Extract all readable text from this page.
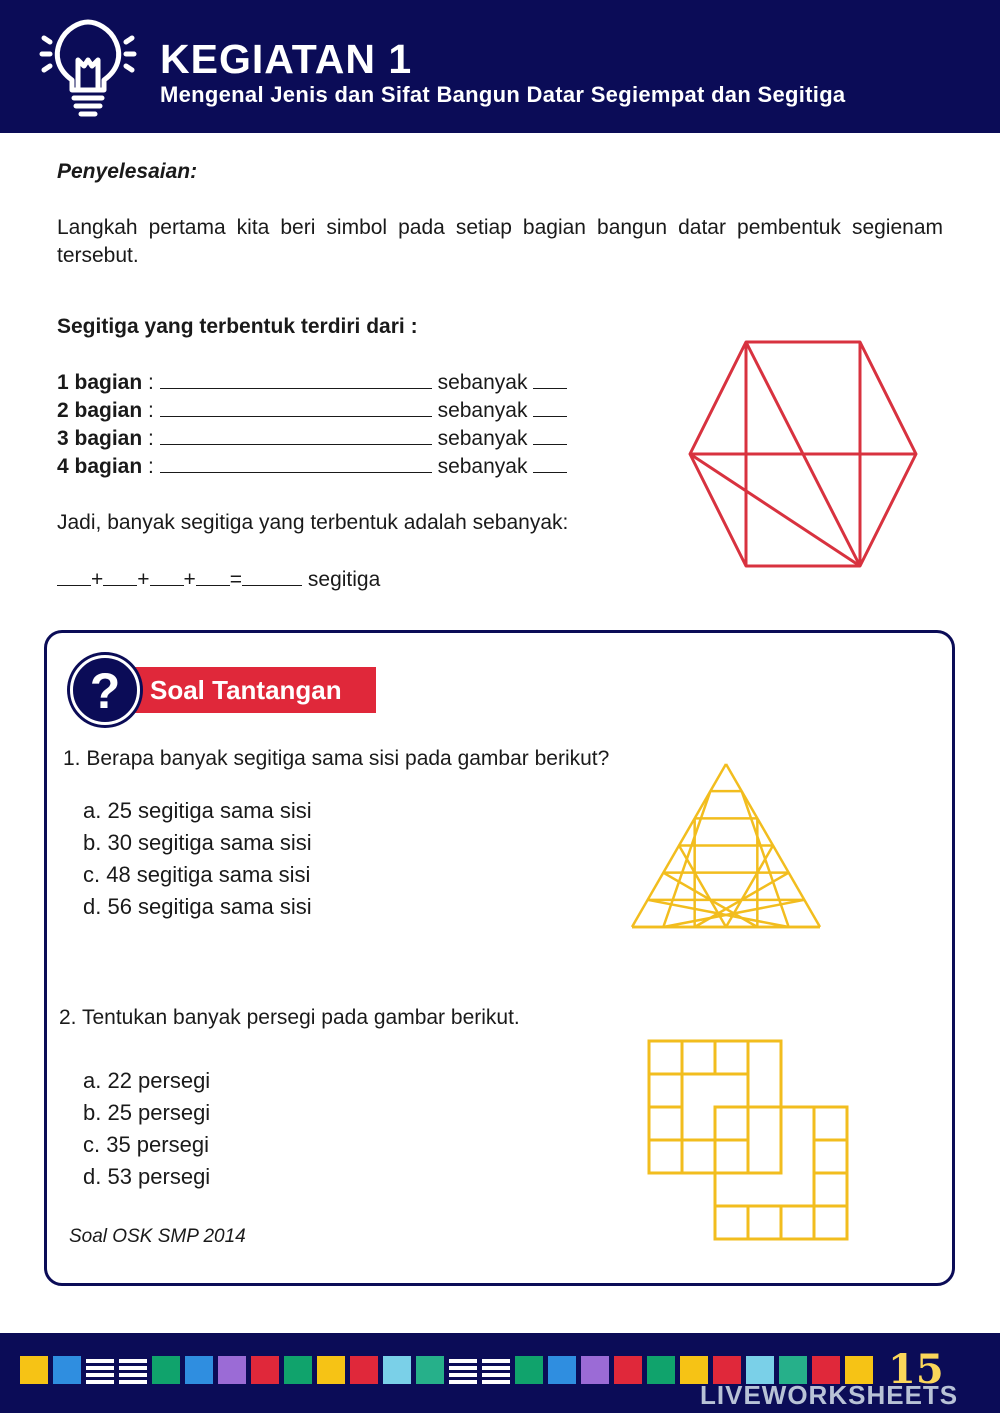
KEGIATAN 1
Mengenal Jenis dan Sifat Bangun Datar Segiempat dan Segitiga
Penyelesaian:
Langkah pertama kita beri simbol pada setiap bagian bangun datar pembentuk segienam tersebut.
Segitiga yang terbentuk terdiri dari :
1 bagian :	sebanyak
2 bagian :	sebanyak
3 bagian :	sebanyak
4 bagian :	sebanyak
Jadi, banyak segitiga yang terbentuk adalah sebanyak:
+ + + =	segitiga
Soal Tantangan
?
1. Berapa banyak segitiga sama sisi pada gambar berikut?
a. 25 segitiga sama sisi
b. 30 segitiga sama sisi
c. 48 segitiga sama sisi
d. 56 segitiga sama sisi
2. Tentukan banyak persegi pada gambar berikut.
a. 22 persegi
b. 25 persegi
c. 35 persegi
d. 53 persegi
Soal OSK SMP 2014
15
LIVEWORKSHEETS
